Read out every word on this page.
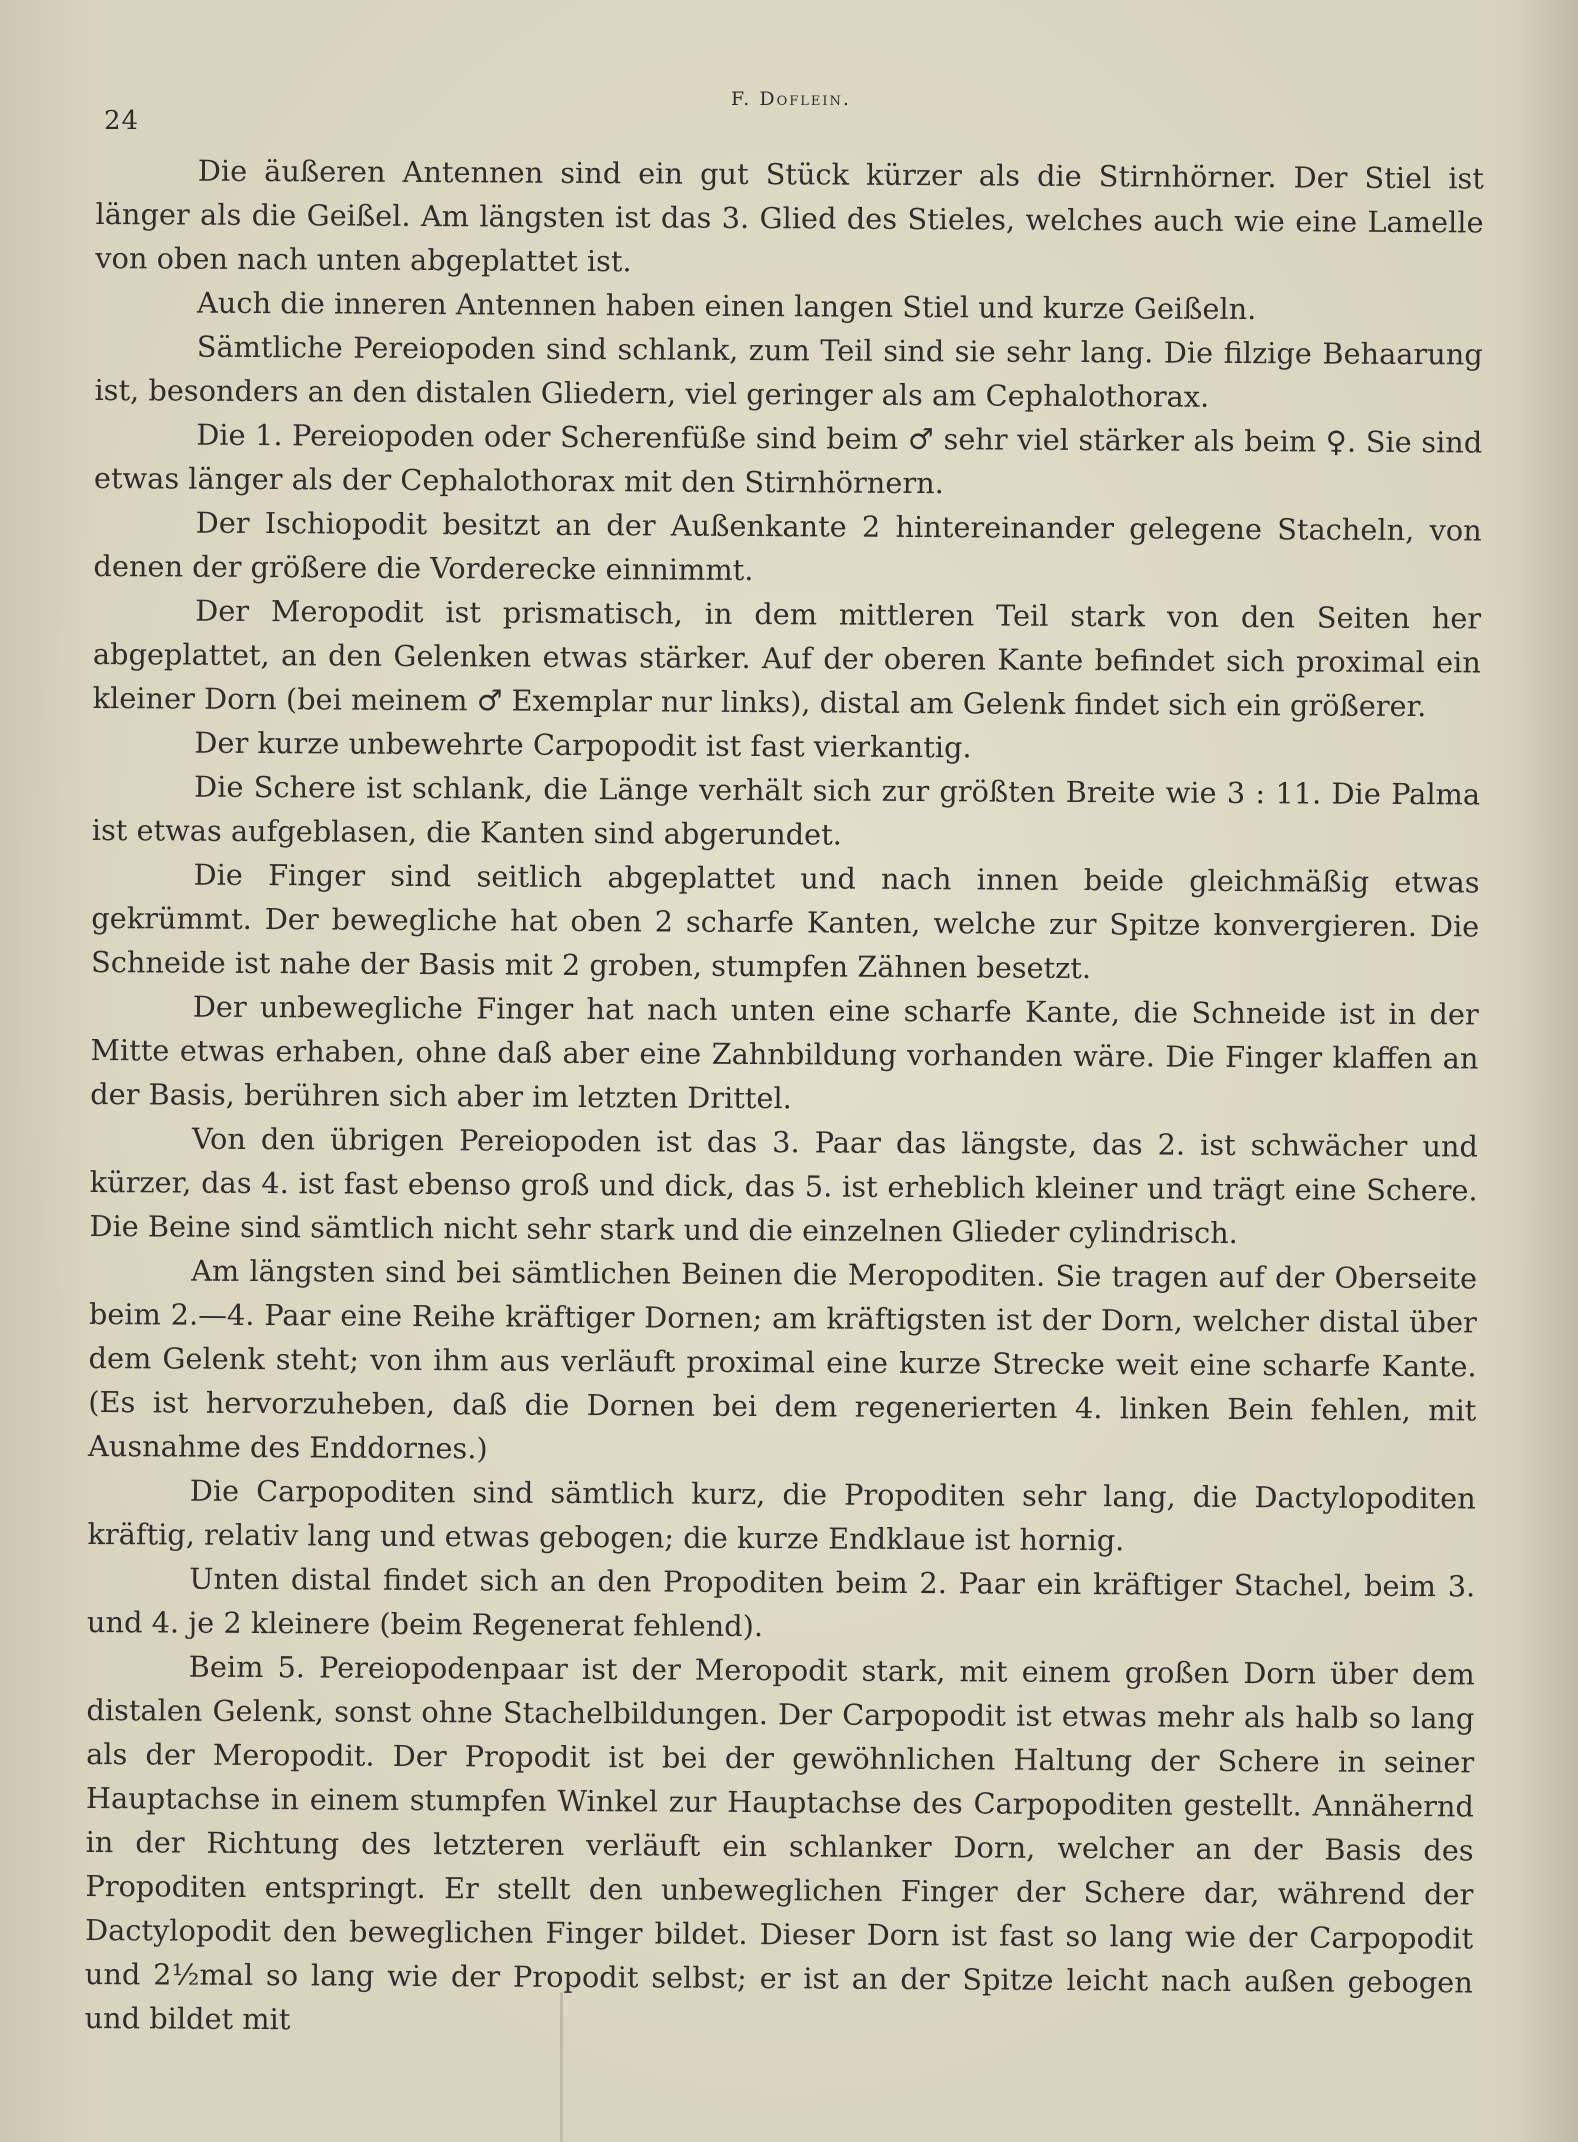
24
F. Doflein.

Die äußeren Antennen sind ein gut Stück kürzer als die Stirnhörner. Der Stiel ist länger als die Geißel. Am längsten ist das 3. Glied des Stieles, welches auch wie eine Lamelle von oben nach unten abgeplattet ist.

Auch die inneren Antennen haben einen langen Stiel und kurze Geißeln.

Sämtliche Pereiopoden sind schlank, zum Teil sind sie sehr lang. Die filzige Behaarung ist, besonders an den distalen Gliedern, viel geringer als am Cephalothorax.

Die 1. Pereiopoden oder Scherenfüße sind beim ♂ sehr viel stärker als beim ♀. Sie sind etwas länger als der Cephalothorax mit den Stirnhörnern.

Der Ischiopodit besitzt an der Außenkante 2 hintereinander gelegene Stacheln, von denen der größere die Vorderecke einnimmt.

Der Meropodit ist prismatisch, in dem mittleren Teil stark von den Seiten her abgeplattet, an den Gelenken etwas stärker. Auf der oberen Kante befindet sich proximal ein kleiner Dorn (bei meinem ♂ Exemplar nur links), distal am Gelenk findet sich ein größerer.

Der kurze unbewehrte Carpopodit ist fast vierkantig.

Die Schere ist schlank, die Länge verhält sich zur größten Breite wie 3 : 11. Die Palma ist etwas aufgeblasen, die Kanten sind abgerundet.

Die Finger sind seitlich abgeplattet und nach innen beide gleichmäßig etwas gekrümmt. Der bewegliche hat oben 2 scharfe Kanten, welche zur Spitze konvergieren. Die Schneide ist nahe der Basis mit 2 groben, stumpfen Zähnen besetzt.

Der unbewegliche Finger hat nach unten eine scharfe Kante, die Schneide ist in der Mitte etwas erhaben, ohne daß aber eine Zahnbildung vorhanden wäre. Die Finger klaffen an der Basis, berühren sich aber im letzten Drittel.

Von den übrigen Pereiopoden ist das 3. Paar das längste, das 2. ist schwächer und kürzer, das 4. ist fast ebenso groß und dick, das 5. ist erheblich kleiner und trägt eine Schere. Die Beine sind sämtlich nicht sehr stark und die einzelnen Glieder cylindrisch.

Am längsten sind bei sämtlichen Beinen die Meropoditen. Sie tragen auf der Oberseite beim 2.—4. Paar eine Reihe kräftiger Dornen; am kräftigsten ist der Dorn, welcher distal über dem Gelenk steht; von ihm aus verläuft proximal eine kurze Strecke weit eine scharfe Kante. (Es ist hervorzuheben, daß die Dornen bei dem regenerierten 4. linken Bein fehlen, mit Ausnahme des Enddornes.)

Die Carpopoditen sind sämtlich kurz, die Propoditen sehr lang, die Dactylopoditen kräftig, relativ lang und etwas gebogen; die kurze Endklaue ist hornig.

Unten distal findet sich an den Propoditen beim 2. Paar ein kräftiger Stachel, beim 3. und 4. je 2 kleinere (beim Regenerat fehlend).

Beim 5. Pereiopodenpaar ist der Meropodit stark, mit einem großen Dorn über dem distalen Gelenk, sonst ohne Stachelbildungen. Der Carpopodit ist etwas mehr als halb so lang als der Meropodit. Der Propodit ist bei der gewöhnlichen Haltung der Schere in seiner Hauptachse in einem stumpfen Winkel zur Hauptachse des Carpopoditen gestellt. Annähernd in der Richtung des letzteren verläuft ein schlanker Dorn, welcher an der Basis des Propoditen entspringt. Er stellt den unbeweglichen Finger der Schere dar, während der Dactylopodit den beweglichen Finger bildet. Dieser Dorn ist fast so lang wie der Carpopodit und 2½mal so lang wie der Propodit selbst; er ist an der Spitze leicht nach außen gebogen und bildet mit
